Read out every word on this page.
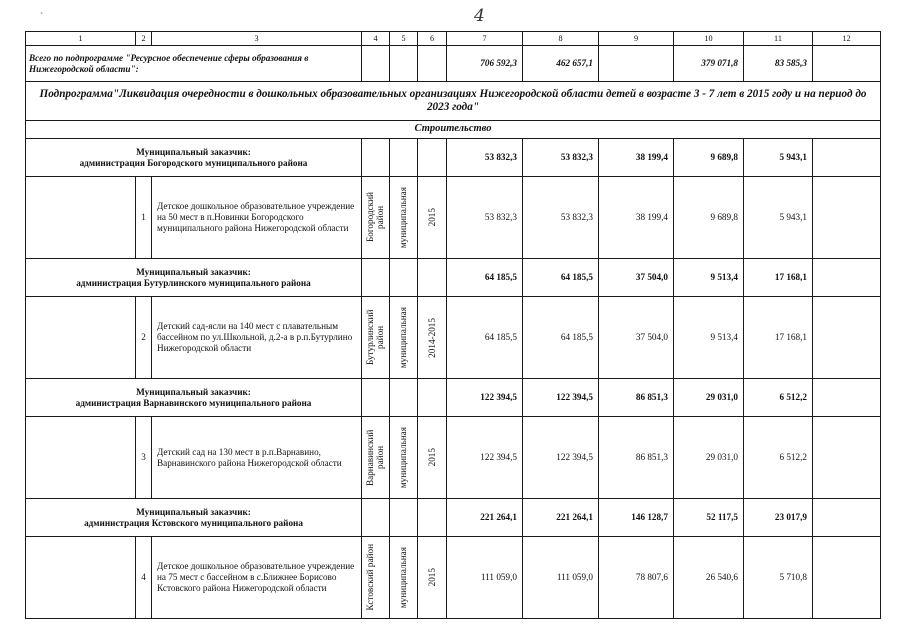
4
`
1	2	3	4	5	6	7	8	9	10	11	12
Всего по подпрограмме "Ресурсное обеспечение сферы образования в Нижегородской области":						706 592,3	462 657,1		379 071,8	83 585,3	
Подпрограмма"Ликвидация очередности в дошкольных образовательных организациях Нижегородской области детей в возрасте 3 - 7 лет в 2015 году и на период до 2023 года"											
Строительство											
Муниципальный заказчик:
администрация Богородского муниципального района						53 832,3	53 832,3	38 199,4	9 689,8	5 943,1	
	1	Детское дошкольное образовательное учреждение на 50 мест в п.Новинки Богородского муниципального района Нижегородской области	Богородский район	муниципальная	2015	53 832,3	53 832,3	38 199,4	9 689,8	5 943,1	
Муниципальный заказчик:
администрация Бутурлинского муниципального района						64 185,5	64 185,5	37 504,0	9 513,4	17 168,1	
	2	Детский сад-ясли на 140 мест с плавательным бассейном по ул.Школьной, д.2-а в р.п.Бутурлино Нижегородской области	Бутурлинский район	муниципальная	2014-2015	64 185,5	64 185,5	37 504,0	9 513,4	17 168,1	
Муниципальный заказчик:
администрация Варнавинского муниципального района						122 394,5	122 394,5	86 851,3	29 031,0	6 512,2	
	3	Детский сад на 130 мест в р.п.Варнавино, Варнавинского района Нижегородской области	Варнавинский район	муниципальная	2015	122 394,5	122 394,5	86 851,3	29 031,0	6 512,2	
Муниципальный заказчик:
администрация Кстовского муниципального района						221 264,1	221 264,1	146 128,7	52 117,5	23 017,9	
	4	Детское дошкольное образовательное учреждение на 75 мест с бассейном в с.Ближнее Борисово Кстовского района Нижегородской области	Кстовский район	муниципальная	2015	111 059,0	111 059,0	78 807,6	26 540,6	5 710,8	
